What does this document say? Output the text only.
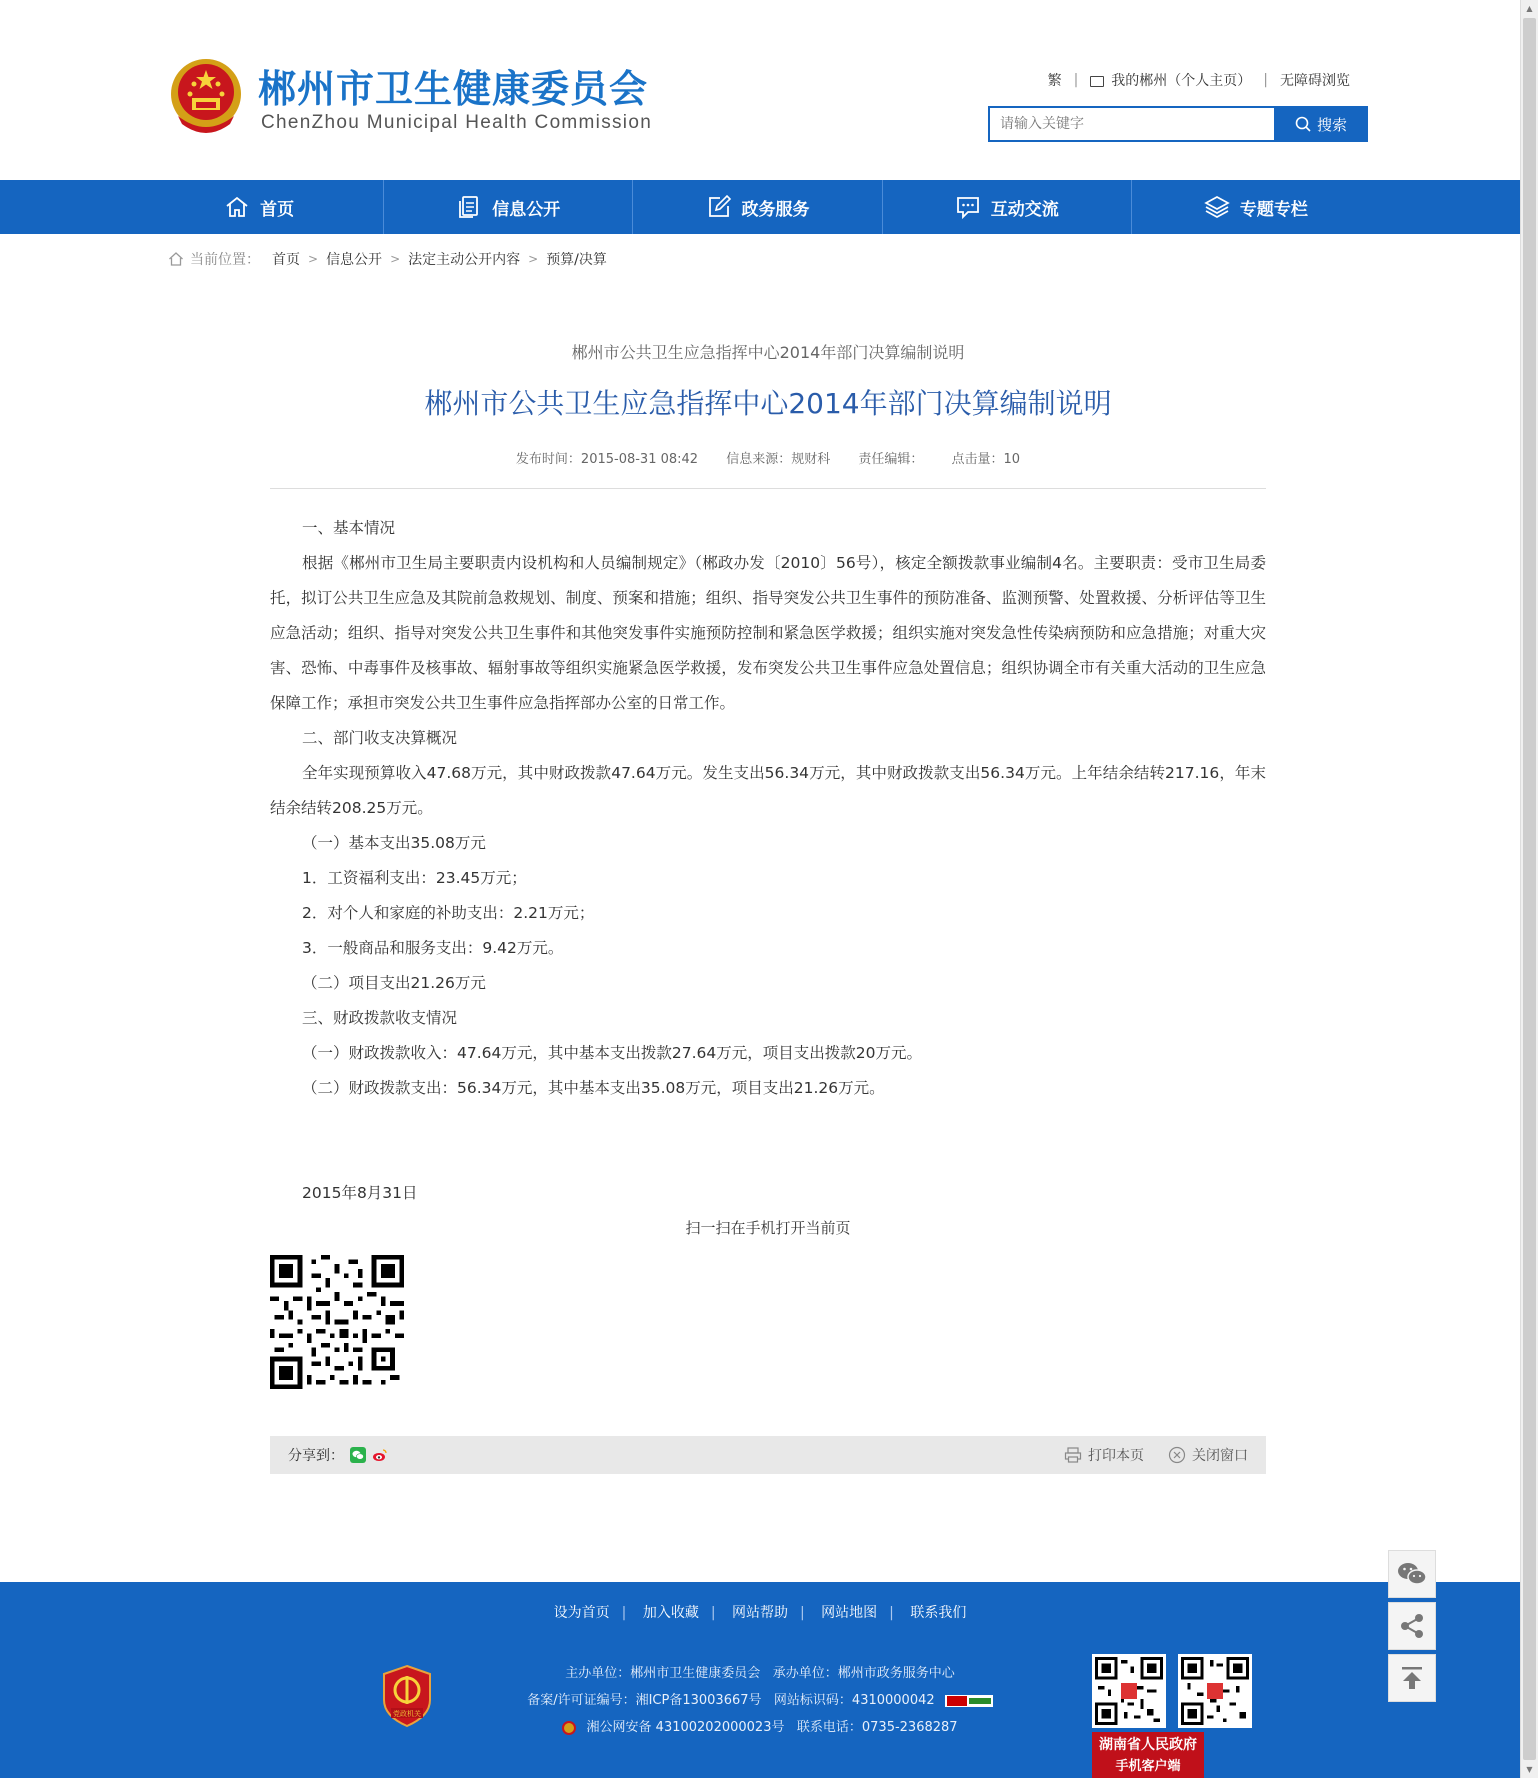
郴州市卫生健康委员会
ChenZhou Municipal Health Commission
繁 | 我的郴州（个人主页） | 无障碍浏览
请输入关键字
搜索
首页	信息公开	政务服务	互动交流	专题专栏
当前位置： 首页 > 信息公开 > 法定主动公开内容 > 预算/决算
郴州市公共卫生应急指挥中心2014年部门决算编制说明
郴州市公共卫生应急指挥中心2014年部门决算编制说明
发布时间：2015-08-31 08:42 信息来源：规财科 责任编辑： 点击量：10

一、基本情况

根据《郴州市卫生局主要职责内设机构和人员编制规定》（郴政办发〔2010〕56号），核定全额拨款事业编制4名。主要职责：受市卫生局委托，拟订公共卫生应急及其院前急救规划、制度、预案和措施；组织、指导突发公共卫生事件的预防准备、监测预警、处置救援、分析评估等卫生应急活动；组织、指导对突发公共卫生事件和其他突发事件实施预防控制和紧急医学救援；组织实施对突发急性传染病预防和应急措施；对重大灾害、恐怖、中毒事件及核事故、辐射事故等组织实施紧急医学救援，发布突发公共卫生事件应急处置信息；组织协调全市有关重大活动的卫生应急保障工作；承担市突发公共卫生事件应急指挥部办公室的日常工作。

二、部门收支决算概况

全年实现预算收入47.68万元，其中财政拨款47.64万元。发生支出56.34万元，其中财政拨款支出56.34万元。上年结余结转217.16，年末结余结转208.25万元。

（一）基本支出35.08万元

1．工资福利支出：23.45万元；

2．对个人和家庭的补助支出：2.21万元；

3．一般商品和服务支出：9.42万元。

（二）项目支出21.26万元

三、财政拨款收支情况

（一）财政拨款收入：47.64万元，其中基本支出拨款27.64万元，项目支出拨款20万元。

（二）财政拨款支出：56.34万元，其中基本支出35.08万元，项目支出21.26万元。

2015年8月31日

扫一扫在手机打开当前页
分享到：	打印本页	关闭窗口
设为首页 | 加入收藏 | 网站帮助 | 网站地图 | 联系我们
党政机关
主办单位：郴州市卫生健康委员会 承办单位：郴州市政务服务中心
备案/许可证编号：湘ICP备13003667号 网站标识码：4310000042
湘公网安备 43100202000023号 联系电话：0735-2368287
湖南省人民政府
手机客户端
▲
▼
